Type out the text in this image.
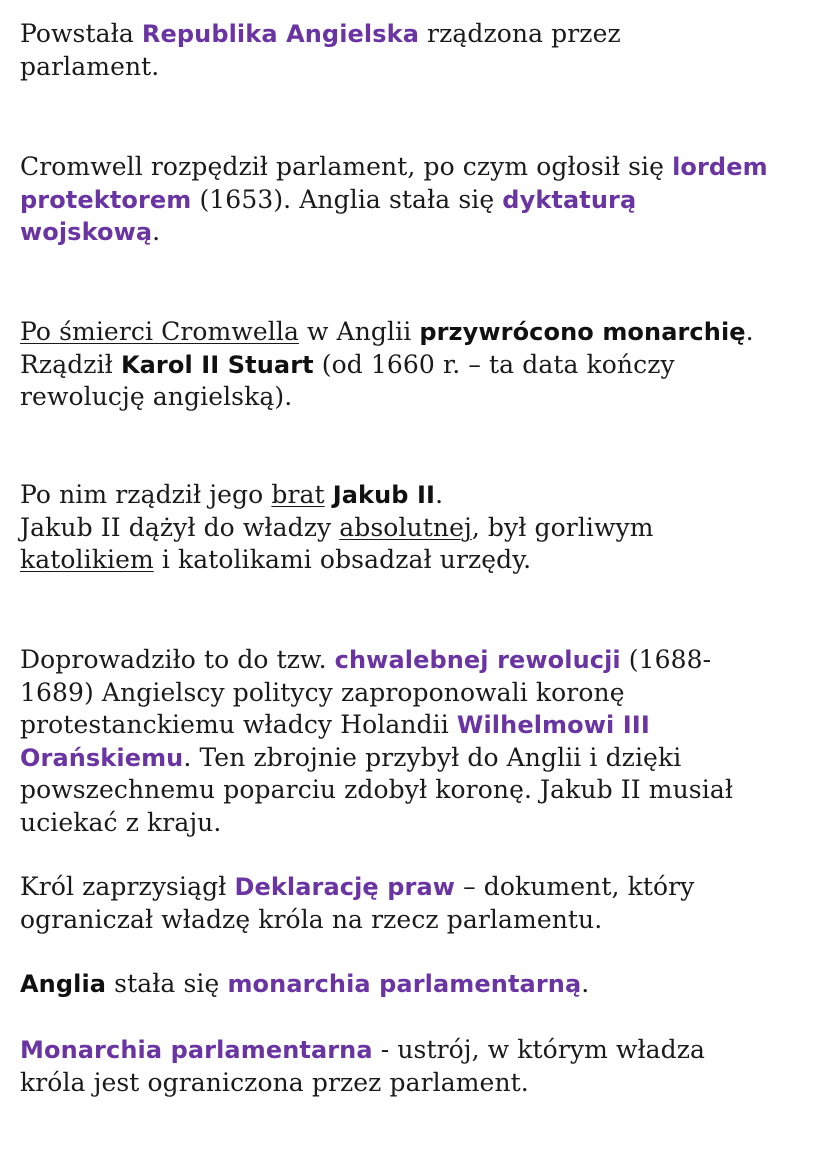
Powstała Republika Angielska rządzona przez
parlament.
Cromwell rozpędził parlament, po czym ogłosił się lordem
protektorem (1653). Anglia stała się dyktaturą
wojskową.
Po śmierci Cromwella w Anglii przywrócono monarchię.
Rządził Karol II Stuart (od 1660 r. – ta data kończy
rewolucję angielską).
Po nim rządził jego brat Jakub II.
Jakub II dążył do władzy absolutnej, był gorliwym
katolikiem i katolikami obsadzał urzędy.
Doprowadziło to do tzw. chwalebnej rewolucji (1688-
1689) Angielscy politycy zaproponowali koronę
protestanckiemu władcy Holandii Wilhelmowi III
Orańskiemu. Ten zbrojnie przybył do Anglii i dzięki
powszechnemu poparciu zdobył koronę. Jakub II musiał
uciekać z kraju.
Król zaprzysiągł Deklarację praw – dokument, który
ograniczał władzę króla na rzecz parlamentu.
Anglia stała się monarchia parlamentarną.
Monarchia parlamentarna - ustrój, w którym władza
króla jest ograniczona przez parlament.
